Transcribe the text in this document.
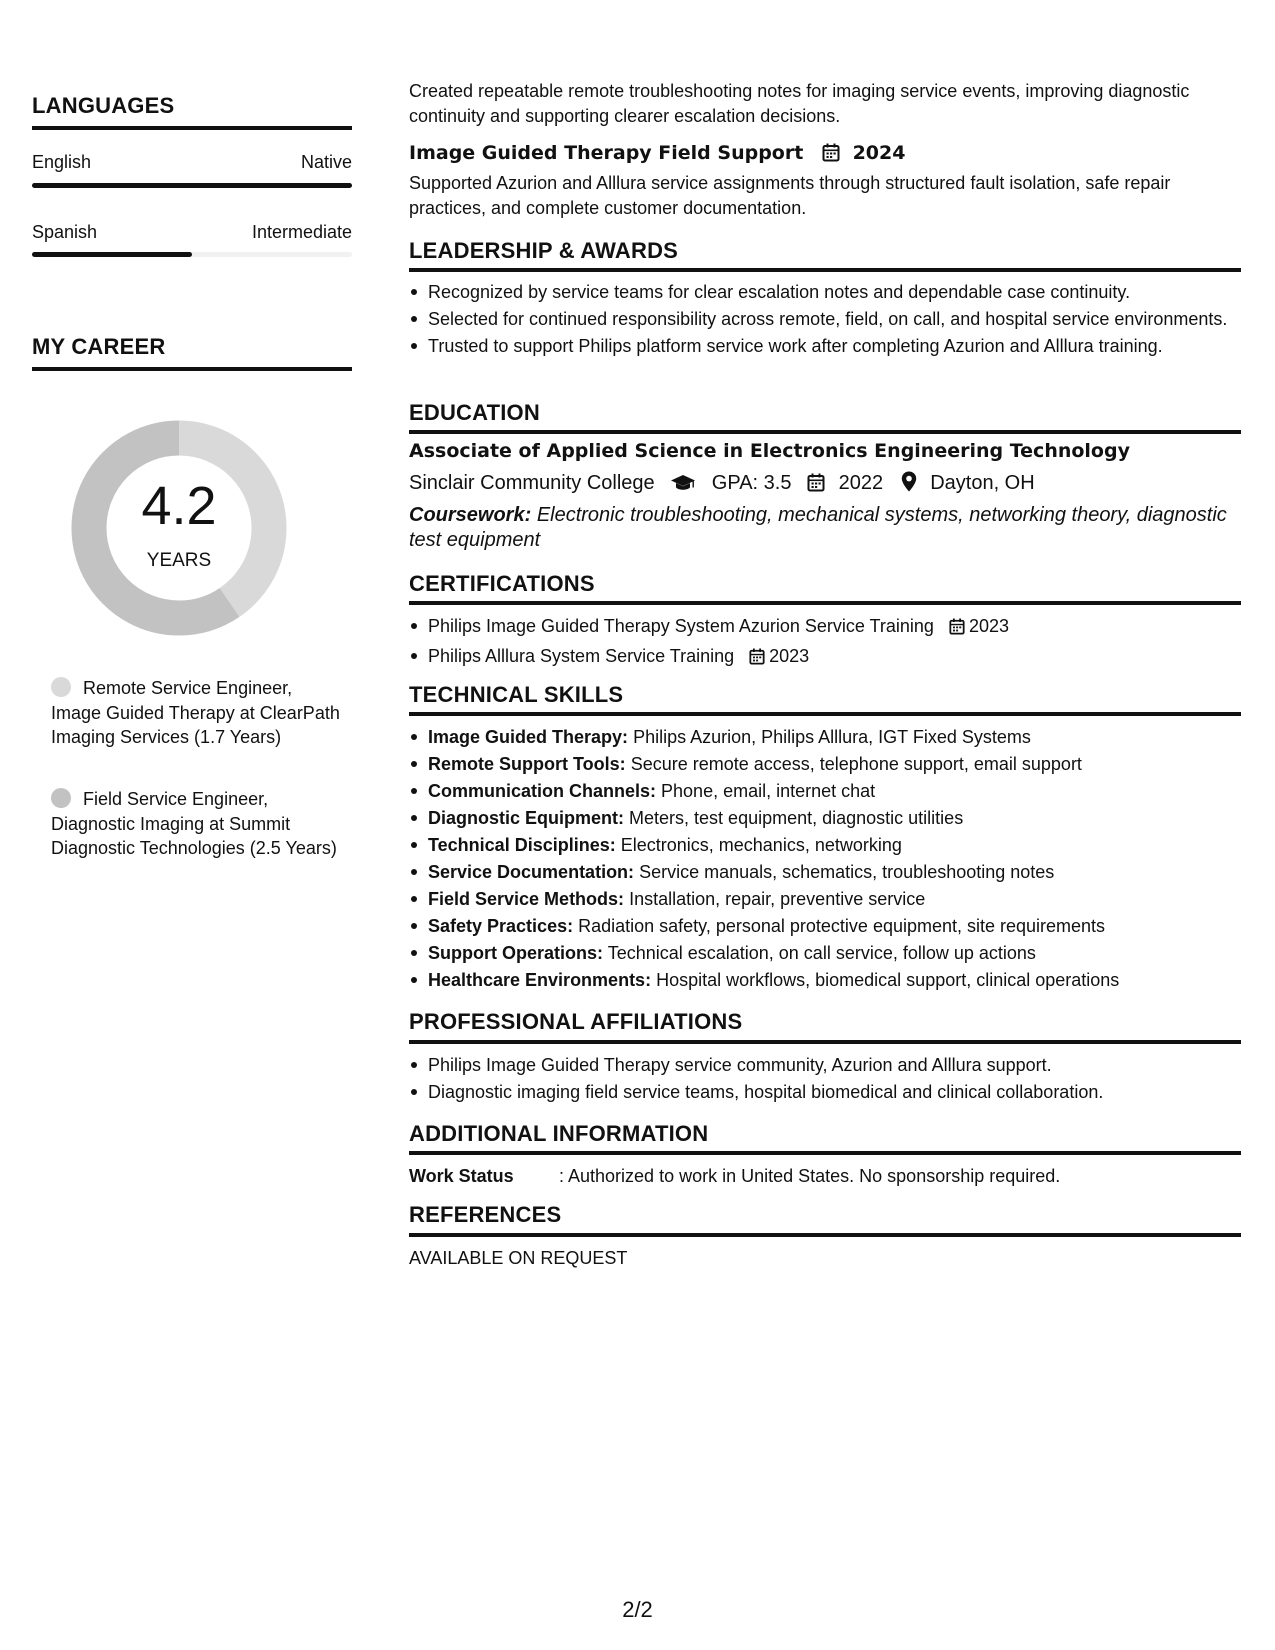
LANGUAGES
English	Native
Spanish	Intermediate
MY CAREER
4.2
YEARS
Remote Service Engineer, Image Guided Therapy at ClearPath Imaging Services (1.7 Years)
Field Service Engineer, Diagnostic Imaging at Summit Diagnostic Technologies (2.5 Years)
Created repeatable remote troubleshooting notes for imaging service events, improving diagnostic continuity and supporting clearer escalation decisions.
Image Guided Therapy Field Support	2024
Supported Azurion and Alllura service assignments through structured fault isolation, safe repair practices, and complete customer documentation.
LEADERSHIP & AWARDS
Recognized by service teams for clear escalation notes and dependable case continuity.
Selected for continued responsibility across remote, field, on call, and hospital service environments.
Trusted to support Philips platform service work after completing Azurion and Alllura training.
EDUCATION
Associate of Applied Science in Electronics Engineering Technology
Sinclair Community College	GPA: 3.5 2022 Dayton, OH
Coursework: Electronic troubleshooting, mechanical systems, networking theory, diagnostic test equipment
CERTIFICATIONS
Philips Image Guided Therapy System Azurion Service Training 2023
Philips Alllura System Service Training 2023
TECHNICAL SKILLS
Image Guided Therapy: Philips Azurion, Philips Alllura, IGT Fixed Systems
Remote Support Tools: Secure remote access, telephone support, email support
Communication Channels: Phone, email, internet chat
Diagnostic Equipment: Meters, test equipment, diagnostic utilities
Technical Disciplines: Electronics, mechanics, networking
Service Documentation: Service manuals, schematics, troubleshooting notes
Field Service Methods: Installation, repair, preventive service
Safety Practices: Radiation safety, personal protective equipment, site requirements
Support Operations: Technical escalation, on call service, follow up actions
Healthcare Environments: Hospital workflows, biomedical support, clinical operations
PROFESSIONAL AFFILIATIONS
Philips Image Guided Therapy service community, Azurion and Alllura support.
Diagnostic imaging field service teams, hospital biomedical and clinical collaboration.
ADDITIONAL INFORMATION
Work Status	: Authorized to work in United States. No sponsorship required.
REFERENCES
AVAILABLE ON REQUEST
2/2
